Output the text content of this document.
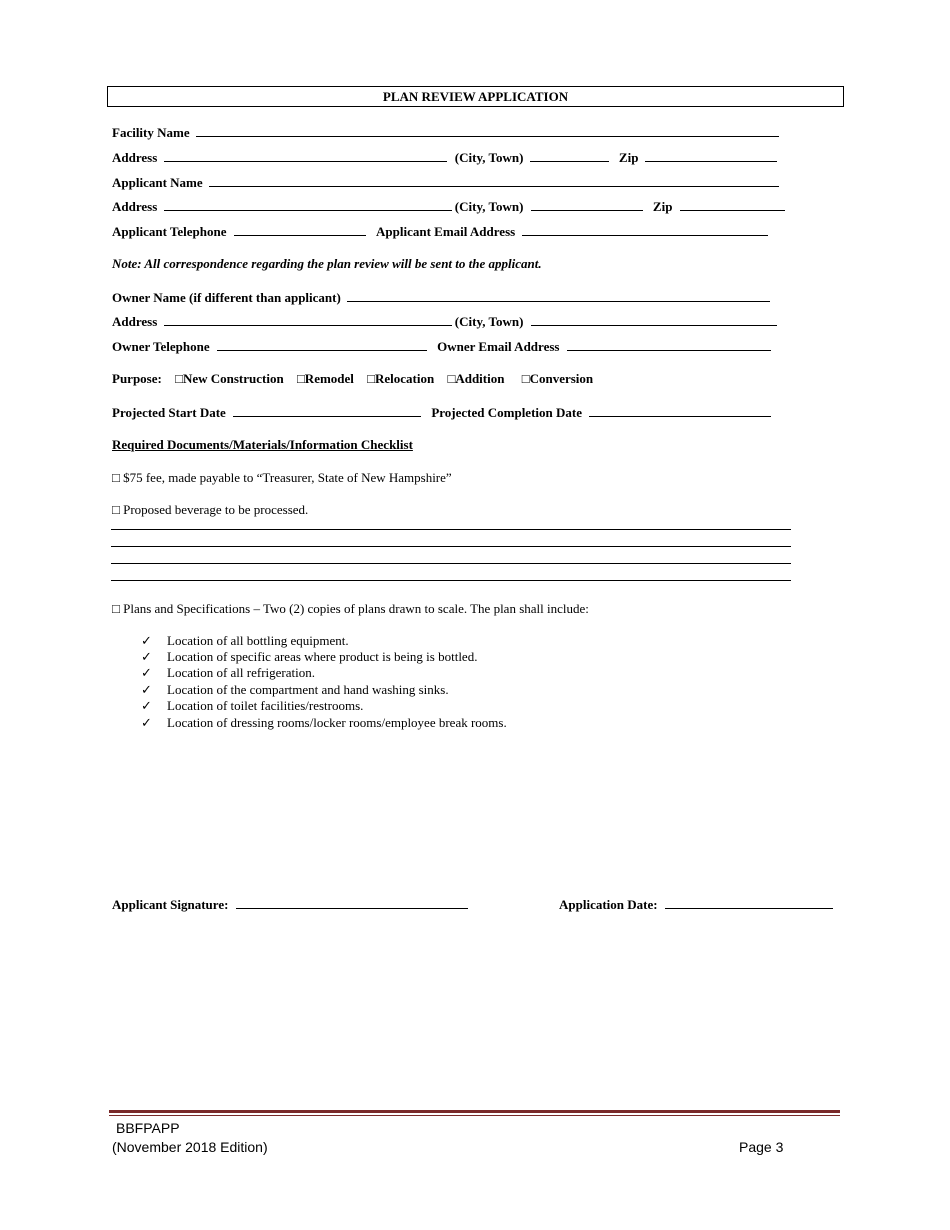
PLAN REVIEW APPLICATION
Facility Name
Address	(City, Town)	Zip
Applicant Name
Address	(City, Town)	Zip
Applicant Telephone	Applicant Email Address
Note: All correspondence regarding the plan review will be sent to the applicant.
Owner Name (if different than applicant)
Address	(City, Town)
Owner Telephone	Owner Email Address
Purpose: □New Construction □Remodel □Relocation □Addition □Conversion
Projected Start Date	Projected Completion Date
Required Documents/Materials/Information Checklist
□ $75 fee, made payable to “Treasurer, State of New Hampshire”
□ Proposed beverage to be processed.
□ Plans and Specifications – Two (2) copies of plans drawn to scale. The plan shall include:
✓ Location of all bottling equipment.
✓ Location of specific areas where product is being is bottled.
✓ Location of all refrigeration.
✓ Location of the compartment and hand washing sinks.
✓ Location of toilet facilities/restrooms.
✓ Location of dressing rooms/locker rooms/employee break rooms.
Applicant Signature:	Application Date:
BBFPAPP
(November 2018 Edition)	Page 3
